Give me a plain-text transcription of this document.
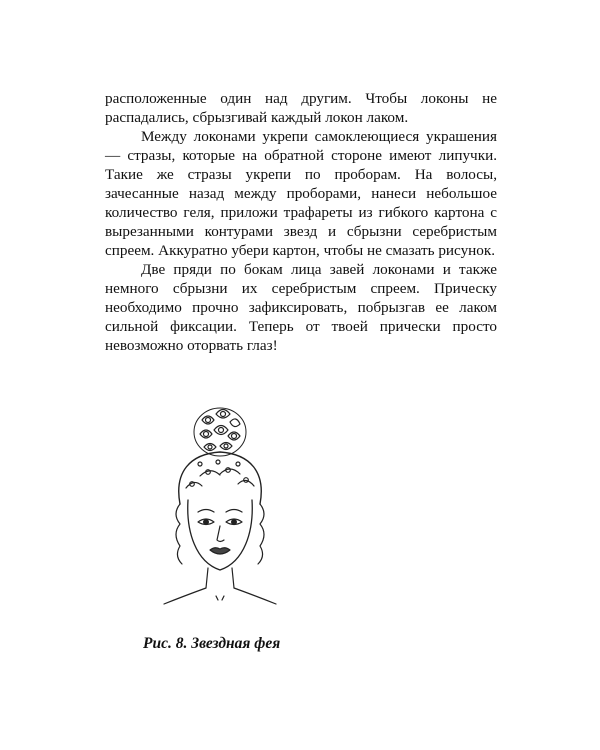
расположенные один над другим. Чтобы локоны не распадались, сбрызгивай каждый локон лаком.

Между локонами укрепи самоклеющиеся украшения — стразы, которые на обратной стороне имеют липучки. Такие же стразы укрепи по проборам. На волосы, зачесанные назад между проборами, нанеси небольшое количество геля, приложи трафареты из гибкого картона с вырезанными контурами звезд и сбрызни серебристым спреем. Аккуратно убери картон, чтобы не смазать рисунок.

Две пряди по бокам лица завей локонами и также немного сбрызни их серебристым спреем. Прическу необходимо прочно зафиксировать, побрызгав ее лаком сильной фиксации. Теперь от твоей прически просто невозможно оторвать глаз!

Рис. 8. Звездная фея
